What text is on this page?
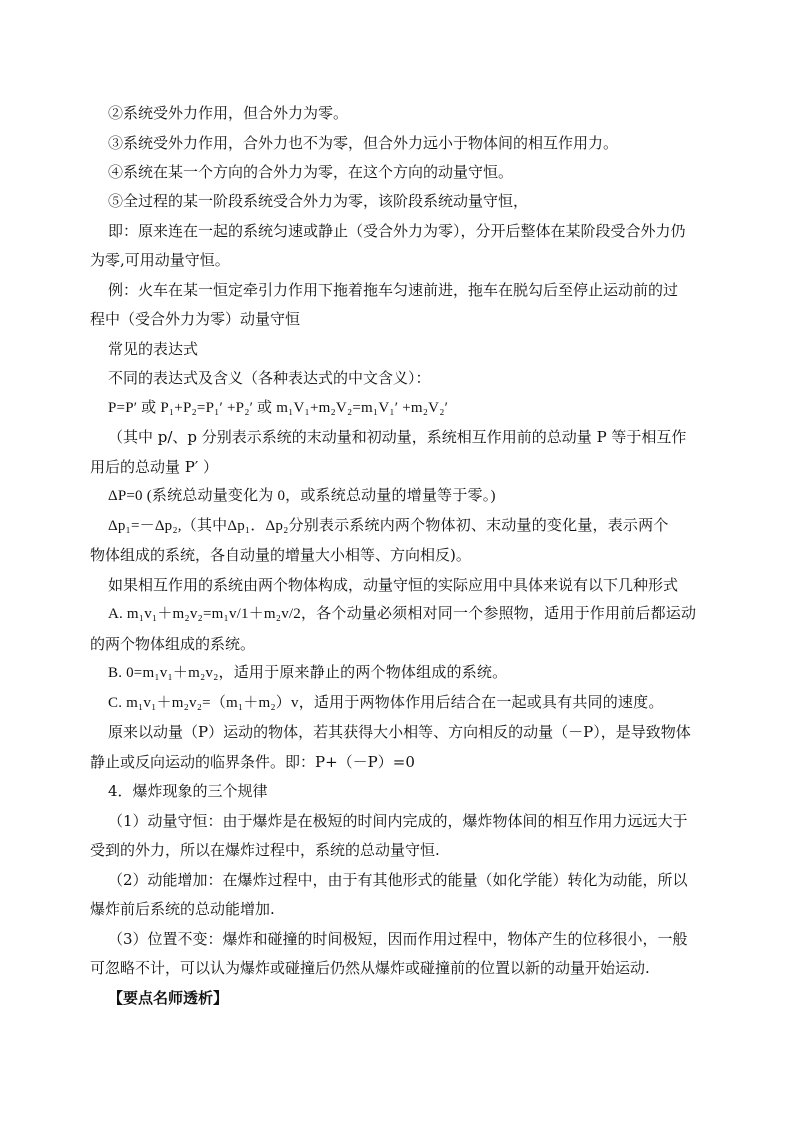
②系统受外力作用，但合外力为零。
③系统受外力作用，合外力也不为零，但合外力远小于物体间的相互作用力。
④系统在某一个方向的合外力为零，在这个方向的动量守恒。
⑤全过程的某一阶段系统受合外力为零，该阶段系统动量守恒，
即：原来连在一起的系统匀速或静止（受合外力为零），分开后整体在某阶段受合外力仍
为零,可用动量守恒。
例：火车在某一恒定牵引力作用下拖着拖车匀速前进，拖车在脱勾后至停止运动前的过
程中（受合外力为零）动量守恒
常见的表达式
不同的表达式及含义（各种表达式的中文含义）：
P=P′ 或 P₁+P₂=P₁′ +P₂′ 或 m₁V₁+m₂V₂=m₁V₁′ +m₂V₂′
（其中 p/、p 分别表示系统的末动量和初动量，系统相互作用前的总动量 P 等于相互作
用后的总动量 P′ ）
ΔP=0 (系统总动量变化为 0，或系统总动量的增量等于零。)
Δp₁=－Δp₂,（其中Δp₁．Δp₂分别表示系统内两个物体初、末动量的变化量，表示两个
物体组成的系统，各自动量的增量大小相等、方向相反)。
如果相互作用的系统由两个物体构成，动量守恒的实际应用中具体来说有以下几种形式
A. m₁v₁＋m₂v₂=m₁v/1＋m₂v/2，各个动量必须相对同一个参照物，适用于作用前后都运动
的两个物体组成的系统。
B. 0=m₁v₁＋m₂v₂，适用于原来静止的两个物体组成的系统。
C. m₁v₁＋m₂v₂=（m₁＋m₂）v，适用于两物体作用后结合在一起或具有共同的速度。
原来以动量（P）运动的物体，若其获得大小相等、方向相反的动量（－P），是导致物体
静止或反向运动的临界条件。即：P+（－P）=0
4．爆炸现象的三个规律
（1）动量守恒：由于爆炸是在极短的时间内完成的，爆炸物体间的相互作用力远远大于
受到的外力，所以在爆炸过程中，系统的总动量守恒.
（2）动能增加：在爆炸过程中，由于有其他形式的能量（如化学能）转化为动能，所以
爆炸前后系统的总动能增加.
（3）位置不变：爆炸和碰撞的时间极短，因而作用过程中，物体产生的位移很小，一般
可忽略不计，可以认为爆炸或碰撞后仍然从爆炸或碰撞前的位置以新的动量开始运动.
【要点名师透析】
